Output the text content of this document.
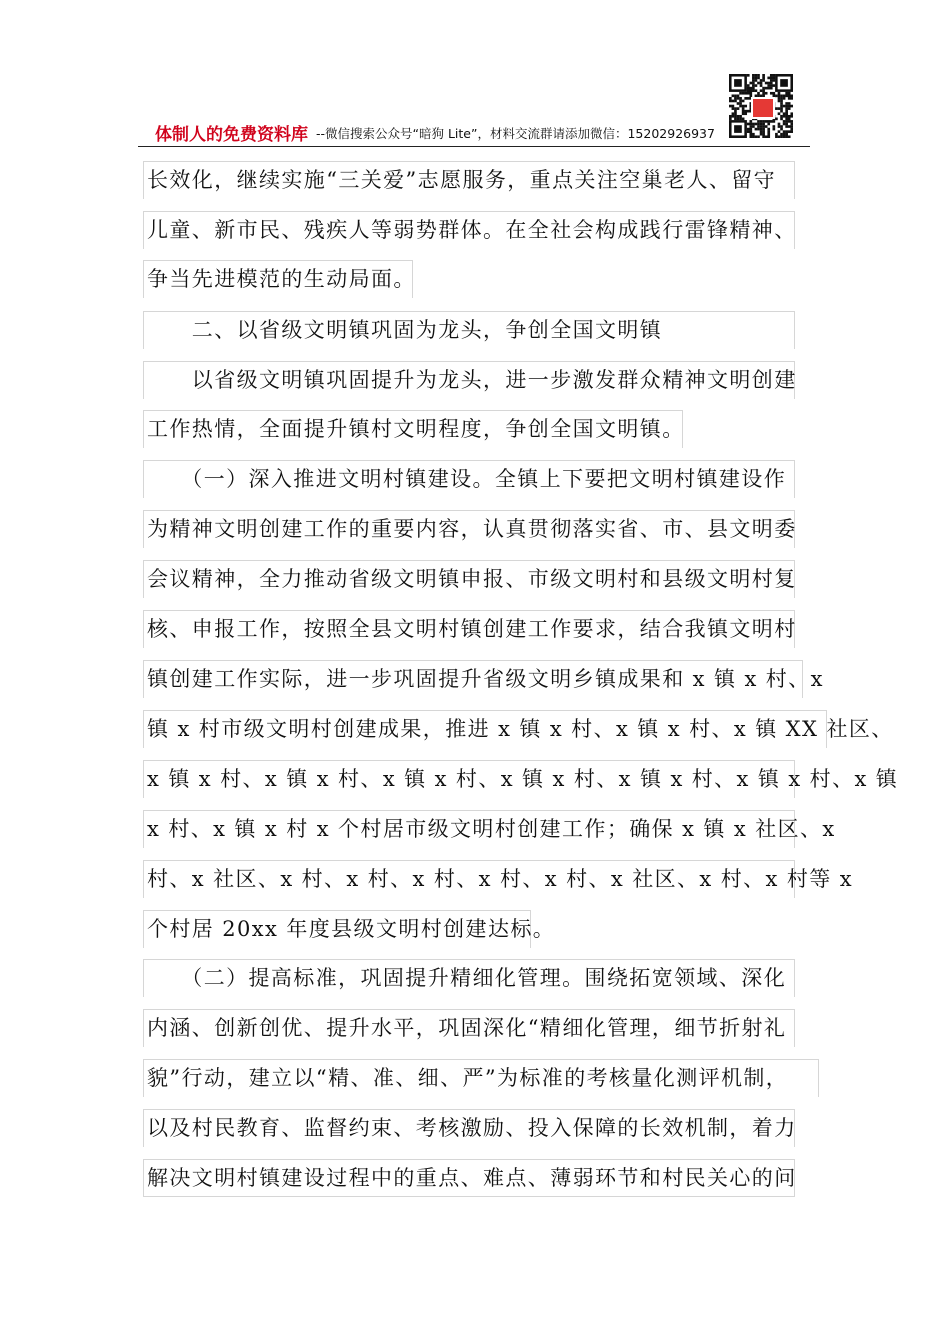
体制人的免费资料库 --微信搜索公众号“暗狗 Lite”，材料交流群请添加微信：15202926937
长效化，继续实施“三关爱”志愿服务，重点关注空巢老人、留守
儿童、新市民、残疾人等弱势群体。在全社会构成践行雷锋精神、
争当先进模范的生动局面。
　　二、以省级文明镇巩固为龙头，争创全国文明镇
　　以省级文明镇巩固提升为龙头，进一步激发群众精神文明创建
工作热情，全面提升镇村文明程度，争创全国文明镇。
　　（一）深入推进文明村镇建设。全镇上下要把文明村镇建设作
为精神文明创建工作的重要内容，认真贯彻落实省、市、县文明委
会议精神，全力推动省级文明镇申报、市级文明村和县级文明村复
核、申报工作，按照全县文明村镇创建工作要求，结合我镇文明村
镇创建工作实际，进一步巩固提升省级文明乡镇成果和 x 镇 x 村、x
镇 x 村市级文明村创建成果，推进 x 镇 x 村、x 镇 x 村、x 镇 XX 社区、
x 镇 x 村、x 镇 x 村、x 镇 x 村、x 镇 x 村、x 镇 x 村、x 镇 x 村、x 镇
x 村、x 镇 x 村 x 个村居市级文明村创建工作；确保 x 镇 x 社区、x
村、x 社区、x 村、x 村、x 村、x 村、x 村、x 社区、x 村、x 村等 x
个村居 20xx 年度县级文明村创建达标。
　　（二）提高标准，巩固提升精细化管理。围绕拓宽领域、深化
内涵、创新创优、提升水平，巩固深化“精细化管理，细节折射礼
貌”行动，建立以“精、准、细、严”为标准的考核量化测评机制，
以及村民教育、监督约束、考核激励、投入保障的长效机制，着力
解决文明村镇建设过程中的重点、难点、薄弱环节和村民关心的问
